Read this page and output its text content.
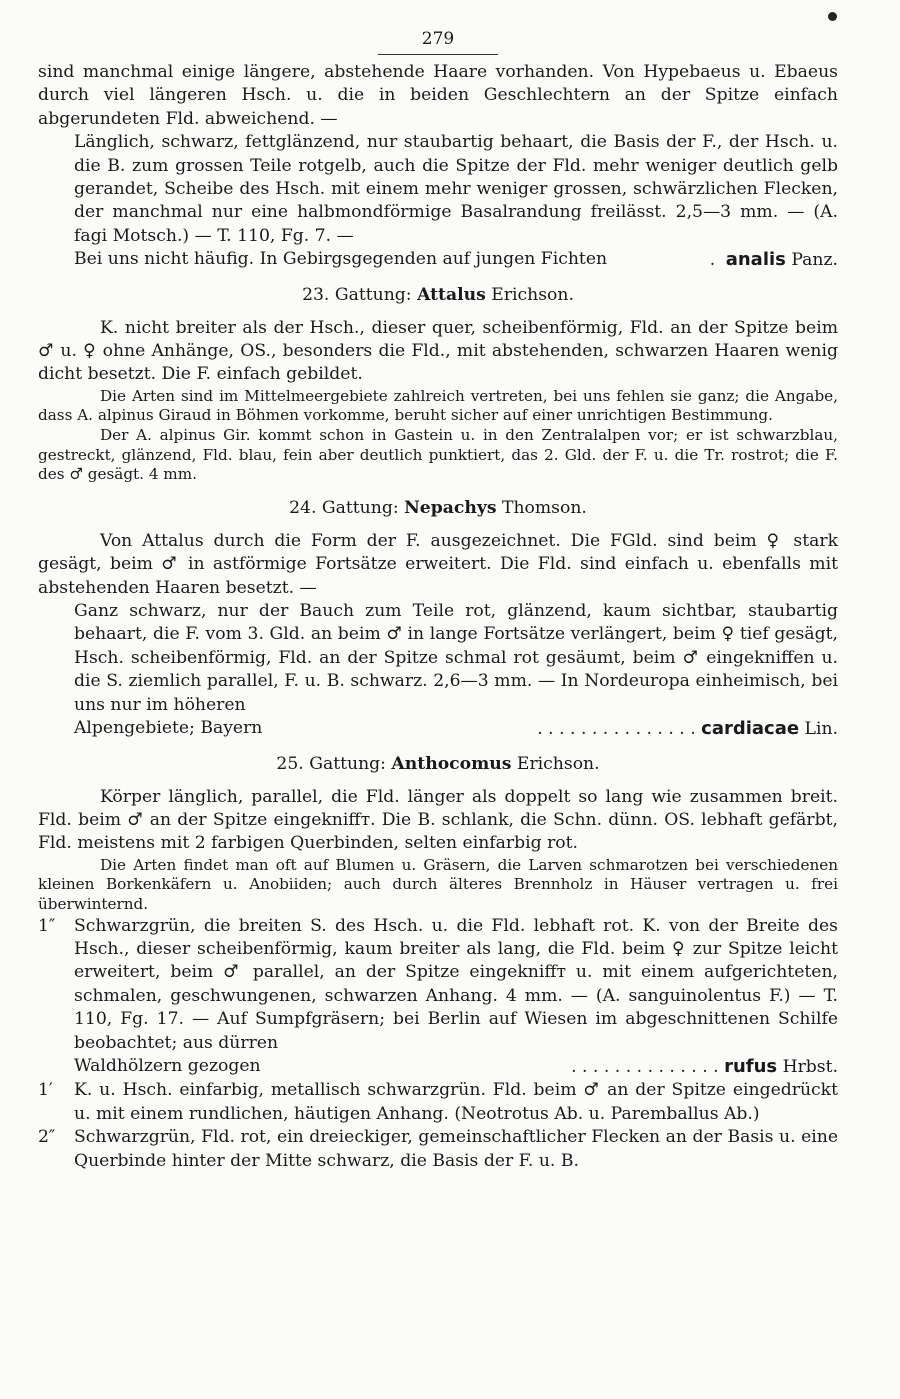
279

sind manchmal einige längere, abstehende Haare vorhanden. Von Hypebaeus u. Ebaeus durch viel längeren Hsch. u. die in beiden Geschlechtern an der Spitze einfach abgerundeten Fld. abweichend. —

Länglich, schwarz, fettglänzend, nur staubartig behaart, die Basis der F., der Hsch. u. die B. zum grossen Teile rotgelb, auch die Spitze der Fld. mehr weniger deutlich gelb gerandet, Scheibe des Hsch. mit einem mehr weniger grossen, schwärzlichen Flecken, der manchmal nur eine halbmondförmige Basalrandung freilässt. 2,5—3 mm. — (A. fagi Motsch.) — T. 110, Fg. 7. —

Bei uns nicht häufig. In Gebirgsgegenden auf jungen Fichten	. analis Panz.

23. Gattung: Attalus Erichson.

K. nicht breiter als der Hsch., dieser quer, scheibenförmig, Fld. an der Spitze beim ♂ u. ♀ ohne Anhänge, OS., besonders die Fld., mit abstehenden, schwarzen Haaren wenig dicht besetzt. Die F. einfach gebildet.

Die Arten sind im Mittelmeergebiete zahlreich vertreten, bei uns fehlen sie ganz; die Angabe, dass A. alpinus Giraud in Böhmen vorkomme, beruht sicher auf einer unrichtigen Bestimmung.

Der A. alpinus Gir. kommt schon in Gastein u. in den Zentralalpen vor; er ist schwarzblau, gestreckt, glänzend, Fld. blau, fein aber deutlich punktiert, das 2. Gld. der F. u. die Tr. rostrot; die F. des ♂ gesägt. 4 mm.

24. Gattung: Nepachys Thomson.

Von Attalus durch die Form der F. ausgezeichnet. Die FGld. sind beim ♀ stark gesägt, beim ♂ in astförmige Fortsätze erweitert. Die Fld. sind einfach u. ebenfalls mit abstehenden Haaren besetzt. —

Ganz schwarz, nur der Bauch zum Teile rot, glänzend, kaum sichtbar, staubartig behaart, die F. vom 3. Gld. an beim ♂ in lange Fortsätze verlängert, beim ♀ tief gesägt, Hsch. scheibenförmig, Fld. an der Spitze schmal rot gesäumt, beim ♂ eingekniffen u. die S. ziemlich parallel, F. u. B. schwarz. 2,6—3 mm. — In Nordeuropa einheimisch, bei uns nur im höheren

Alpengebiete; Bayern	. . . . . . . . . . . . . . . cardiacae Lin.

25. Gattung: Anthocomus Erichson.

Körper länglich, parallel, die Fld. länger als doppelt so lang wie zusammen breit. Fld. beim ♂ an der Spitze eingekniffт. Die B. schlank, die Schn. dünn. OS. lebhaft gefärbt, Fld. meistens mit 2 farbigen Querbinden, selten einfarbig rot.

Die Arten findet man oft auf Blumen u. Gräsern, die Larven schmarotzen bei verschiedenen kleinen Borkenkäfern u. Anobiiden; auch durch älteres Brennholz in Häuser vertragen u. frei überwinternd.

1″	Schwarzgrün, die breiten S. des Hsch. u. die Fld. lebhaft rot. K. von der Breite des Hsch., dieser scheibenförmig, kaum breiter als lang, die Fld. beim ♀ zur Spitze leicht erweitert, beim ♂ parallel, an der Spitze eingekniffт u. mit einem aufgerichteten, schmalen, geschwungenen, schwarzen Anhang. 4 mm. — (A. sanguinolentus F.) — T. 110, Fg. 17. — Auf Sumpfgräsern; bei Berlin auf Wiesen im abgeschnittenen Schilfe beobachtet; aus dürren

Waldhölzern gezogen	. . . . . . . . . . . . . . rufus Hrbst.

1′	K. u. Hsch. einfarbig, metallisch schwarzgrün. Fld. beim ♂ an der Spitze eingedrückt u. mit einem rundlichen, häutigen Anhang. (Neotrotus Ab. u. Paremballus Ab.)

2″	Schwarzgrün, Fld. rot, ein dreieckiger, gemeinschaftlicher Flecken an der Basis u. eine Querbinde hinter der Mitte schwarz, die Basis der F. u. B.
